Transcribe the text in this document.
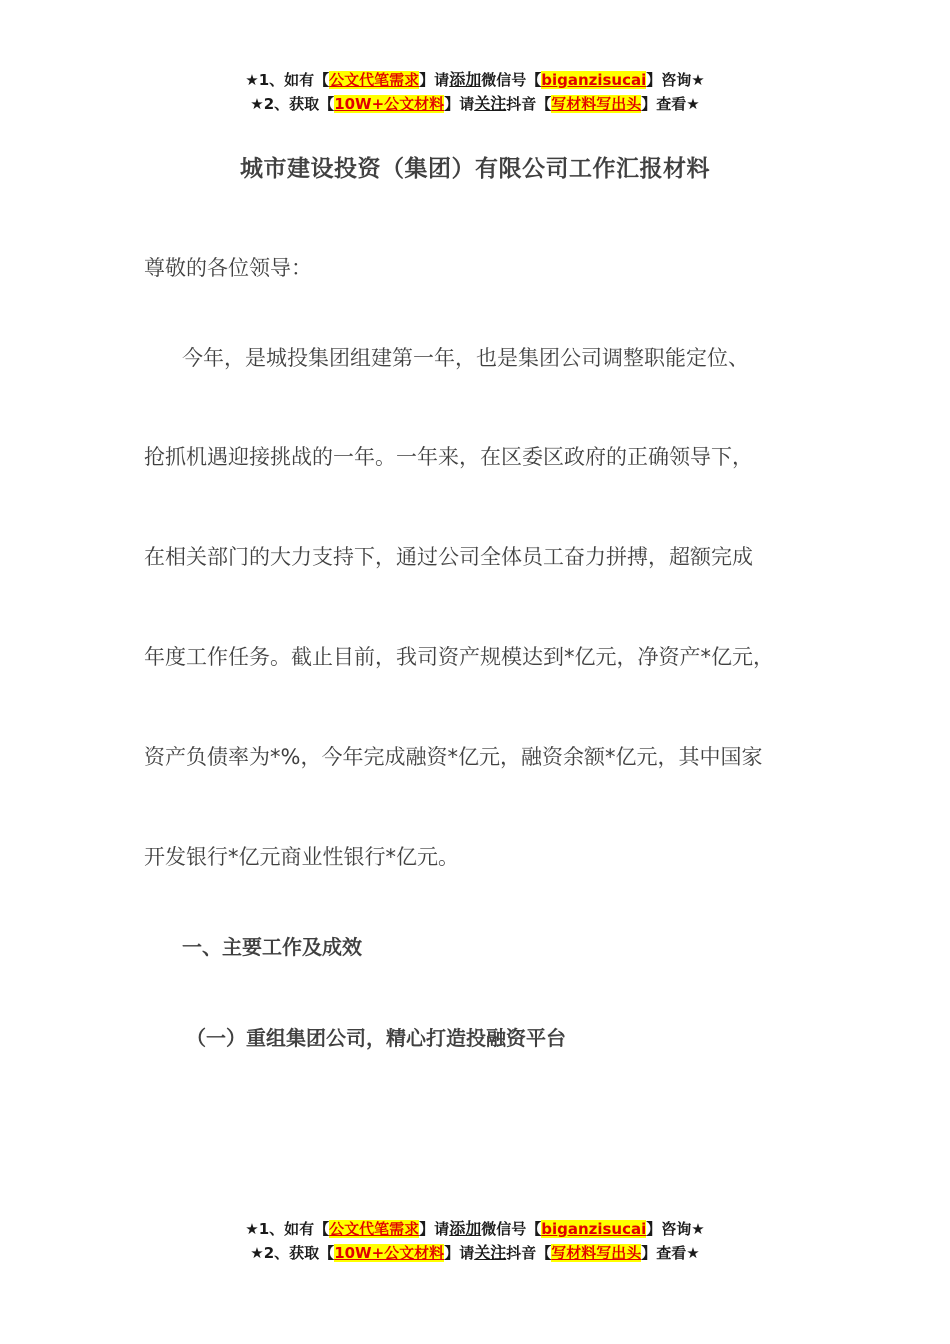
★1、如有【公文代笔需求】请添加微信号【biganzisucai】咨询★
★2、获取【10W+公文材料】请关注抖音【写材料写出头】查看★
城市建设投资（集团）有限公司工作汇报材料
尊敬的各位领导：
今年，是城投集团组建第一年，也是集团公司调整职能定位、
抢抓机遇迎接挑战的一年。一年来，在区委区政府的正确领导下，
在相关部门的大力支持下，通过公司全体员工奋力拼搏，超额完成
年度工作任务。截止目前，我司资产规模达到*亿元，净资产*亿元，
资产负债率为*%，今年完成融资*亿元，融资余额*亿元，其中国家
开发银行*亿元商业性银行*亿元。
一、主要工作及成效
（一）重组集团公司，精心打造投融资平台
★1、如有【公文代笔需求】请添加微信号【biganzisucai】咨询★
★2、获取【10W+公文材料】请关注抖音【写材料写出头】查看★
